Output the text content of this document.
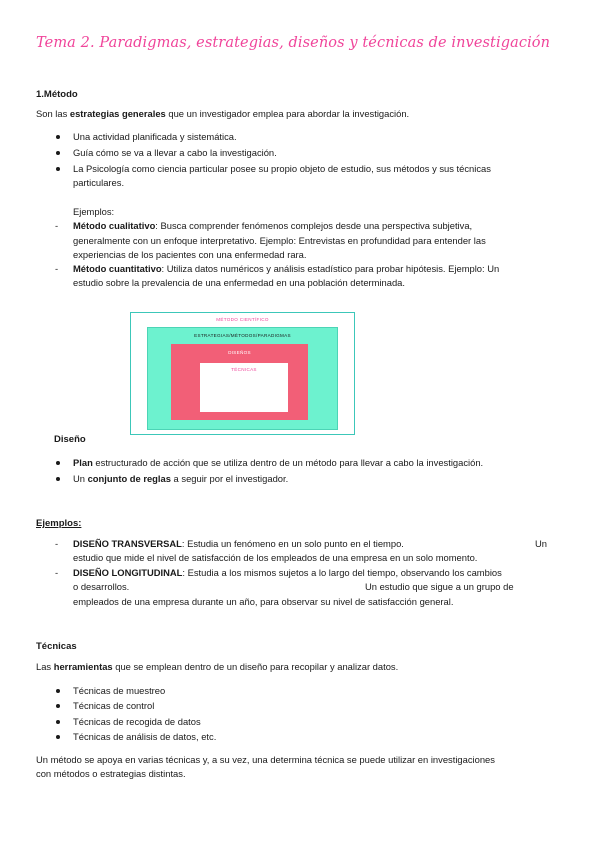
Tema 2. Paradigmas, estrategias, diseños y técnicas de investigación
1.Método
Son las estrategias generales que un investigador emplea para abordar la investigación.
Una actividad planificada y sistemática.
Guía cómo se va a llevar a cabo la investigación.
La Psicología como ciencia particular posee su propio objeto de estudio, sus métodos y sus técnicas
particulares.
Ejemplos:
- Método cualitativo: Busca comprender fenómenos complejos desde una perspectiva subjetiva,
generalmente con un enfoque interpretativo. Ejemplo: Entrevistas en profundidad para entender las
experiencias de los pacientes con una enfermedad rara.
- Método cuantitativo: Utiliza datos numéricos y análisis estadístico para probar hipótesis. Ejemplo: Un
estudio sobre la prevalencia de una enfermedad en una población determinada.
MÉTODO CIENTÍFICO
ESTRATEGIAS/MÉTODOS/PARADIGMAS
DISEÑOS
TÉCNICAS
Diseño
Plan estructurado de acción que se utiliza dentro de un método para llevar a cabo la investigación.
Un conjunto de reglas a seguir por el investigador.
Ejemplos:
- DISEÑO TRANSVERSAL: Estudia un fenómeno en un solo punto en el tiempo.	Un
estudio que mide el nivel de satisfacción de los empleados de una empresa en un solo momento.
- DISEÑO LONGITUDINAL: Estudia a los mismos sujetos a lo largo del tiempo, observando los cambios
o desarrollos.	Un estudio que sigue a un grupo de
empleados de una empresa durante un año, para observar su nivel de satisfacción general.
Técnicas
Las herramientas que se emplean dentro de un diseño para recopilar y analizar datos.
Técnicas de muestreo
Técnicas de control
Técnicas de recogida de datos
Técnicas de análisis de datos, etc.
Un método se apoya en varias técnicas y, a su vez, una determina técnica se puede utilizar en investigaciones
con métodos o estrategias distintas.
